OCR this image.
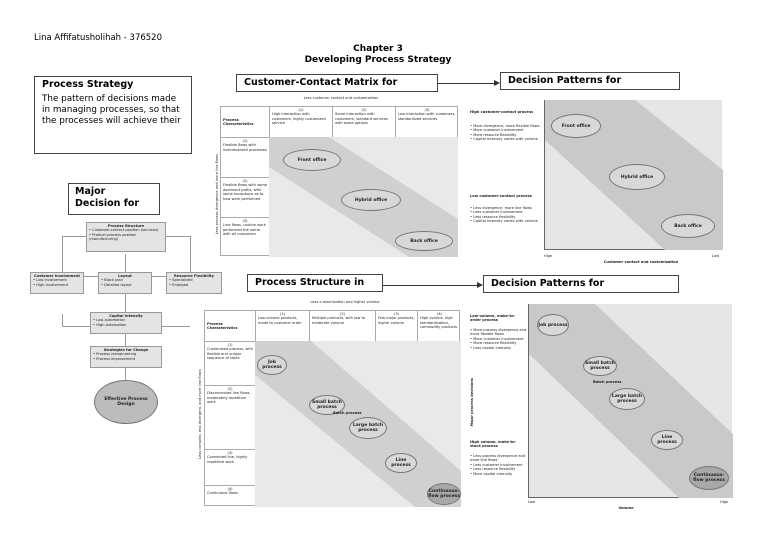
Lina Affifatusholihah - 376520
Chapter 3
Developing Process Strategy
Process Strategy
The pattern of decisions made in managing processes, so that the processes will achieve their
Major Decision for
Process Structure
• Customer-contact position (services)
• Product-process position (manufacturing)
Customer Involvement
• Low involvement
• High involvement
Layout
• Block plan
• Detailed layout
Resource Flexibility
• Specialized
• Enlarged
Capital Intensity
• Low automation
• High automation
Strategies for Change
• Process reengineering
• Process improvement
Effective Process Design
Customer-Contact Matrix for	Decision Patterns for
Process Structure in	Decision Patterns for
Less customer contact and customization
Less process divergence and more line flows
Process Characteristics
(1)
High interaction with customers, highly customized service
(2)
Some interaction with customers, standard services with some options
(3)
Low interaction with customers, standardized services
(1)
Flexible flows with individualized processes
(2)
Flexible flows with some dominant paths, with some exceptions as to how work performed
(3)
Line flows, routine work performed the same with all customers
Front office
Hybrid office
Back office
High customer-contact process
• More divergence, more flexible flows
• More customer involvement
• More resource flexibility
• Capital intensity varies with volume
Low customer-contact process
• Less divergence, more line flows
• Less customer involvement
• Less resource flexibility
• Capital intensity varies with volume
Front office
Hybrid office
Back office
High
Customer contact and customization
Low
Less customization and higher volume
Less complex, less divergent, and more line flows
Process Characteristics
(1)
Low-volume products, made to customer order
(2)
Multiple products, with low to moderate volume
(3)
Few major products, higher volume
(4)
High volume, high standardization, commodity products
(1)
Customized process, with flexible and unique sequence of tasks
(2)
Disconnected line flows, moderately repetitive work
(3)
Connected line, highly repetitive work
(4)
Continuous flows
Job process
Small batch process
Batch process
Large batch process
Line process
Continuous-flow process
Low-volume, make-to-order process
• More process divergence and more flexible flows
• More customer involvement
• More resource flexibility
• Less capital intensity
High volume, make-to-stock process
• Less process divergence and more line flows
• Less customer involvement
• Less resource flexibility
• More capital intensity
Major process decisions
Job process
Small batch process
Batch process
Large batch process
Line process
Continuous-flow process
Low
Volume
High
